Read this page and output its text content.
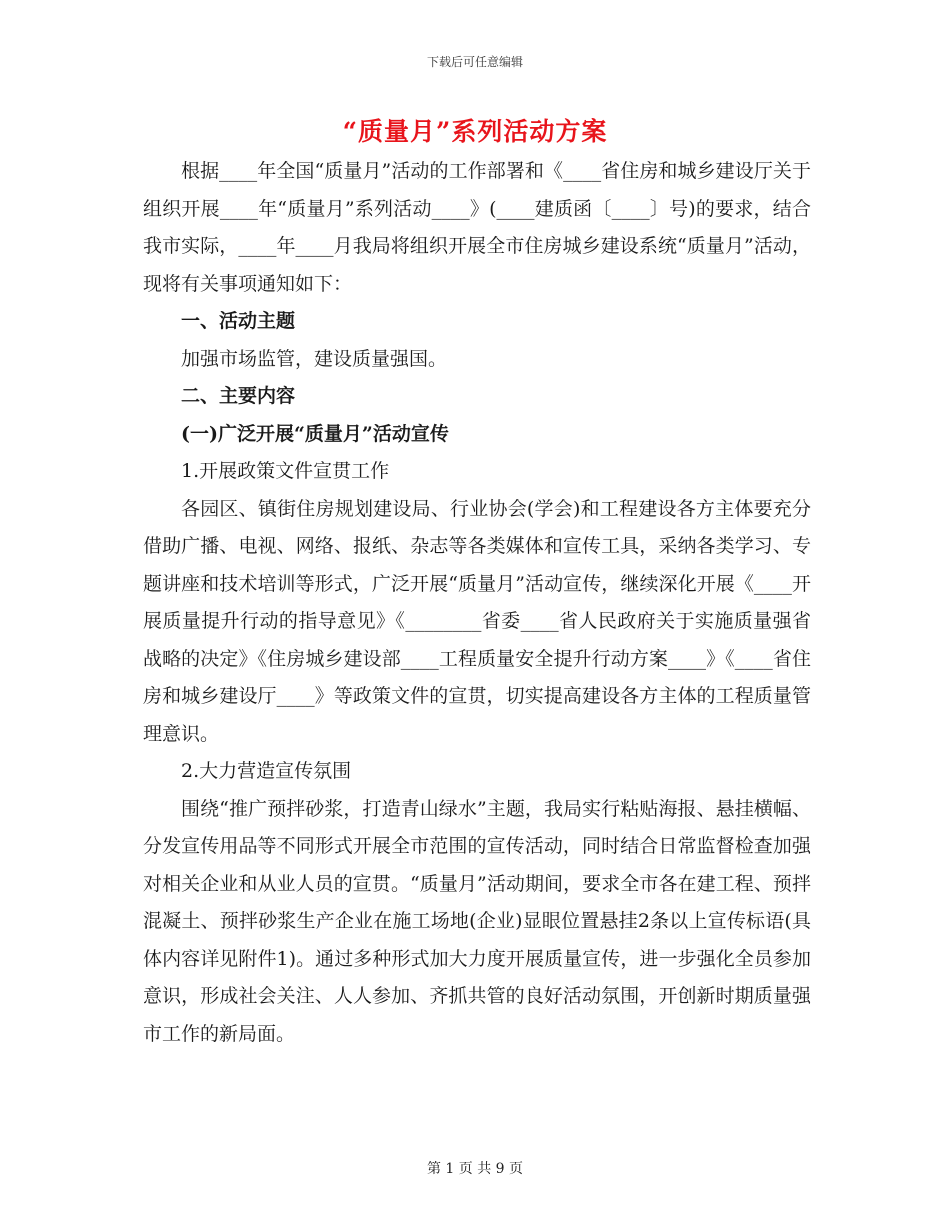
下载后可任意编辑
“质量月”系列活动方案

根据____年全国“质量月”活动的工作部署和《____省住房和城乡建设厅关于组织开展____年“质量月”系列活动____》(____建质函〔____〕号)的要求，结合我市实际，____年____月我局将组织开展全市住房城乡建设系统“质量月”活动，现将有关事项通知如下：

一、活动主题

加强市场监管，建设质量强国。

二、主要内容

(一)广泛开展“质量月”活动宣传

1.开展政策文件宣贯工作

各园区、镇街住房规划建设局、行业协会(学会)和工程建设各方主体要充分借助广播、电视、网络、报纸、杂志等各类媒体和宣传工具，采纳各类学习、专题讲座和技术培训等形式，广泛开展“质量月”活动宣传，继续深化开展《____开展质量提升行动的指导意见》《________省委____省人民政府关于实施质量强省战略的决定》《住房城乡建设部____工程质量安全提升行动方案____》《____省住房和城乡建设厅____》等政策文件的宣贯，切实提高建设各方主体的工程质量管理意识。

2.大力营造宣传氛围

围绕“推广预拌砂浆，打造青山绿水”主题，我局实行粘贴海报、悬挂横幅、分发宣传用品等不同形式开展全市范围的宣传活动，同时结合日常监督检查加强对相关企业和从业人员的宣贯。“质量月”活动期间，要求全市各在建工程、预拌混凝土、预拌砂浆生产企业在施工场地(企业)显眼位置悬挂2条以上宣传标语(具体内容详见附件1)。通过多种形式加大力度开展质量宣传，进一步强化全员参加意识，形成社会关注、人人参加、齐抓共管的良好活动氛围，开创新时期质量强市工作的新局面。

第 1 页 共 9 页
